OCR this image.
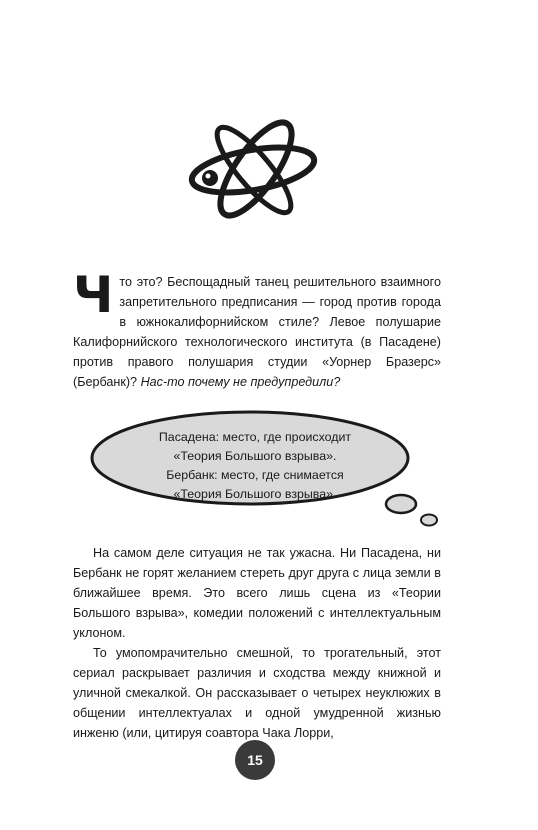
Что это? Беспощадный танец решительного взаимного запретительного предписания — город против города в южнокалифорнийском стиле? Левое полушарие Калифорнийского технологического института (в Пасадене) против правого полушария студии «Уорнер Бразерс» (Бербанк)? Нас-то почему не предупредили?
Пасадена: место, где происходит
«Теория Большого взрыва».
Бербанк: место, где снимается
«Теория Большого взрыва».

На самом деле ситуация не так ужасна. Ни Пасадена, ни Бербанк не горят желанием стереть друг друга с лица земли в ближайшее время. Это всего лишь сцена из «Теории Большого взрыва», комедии положений с интеллектуальным уклоном.

То умопомрачительно смешной, то трогательный, этот сериал раскрывает различия и сходства между книжной и уличной смекалкой. Он рассказывает о четырех неуклюжих в общении интеллектуалах и одной умудренной жизнью инженю (или, цитируя соавтора Чака Лорри,

15
